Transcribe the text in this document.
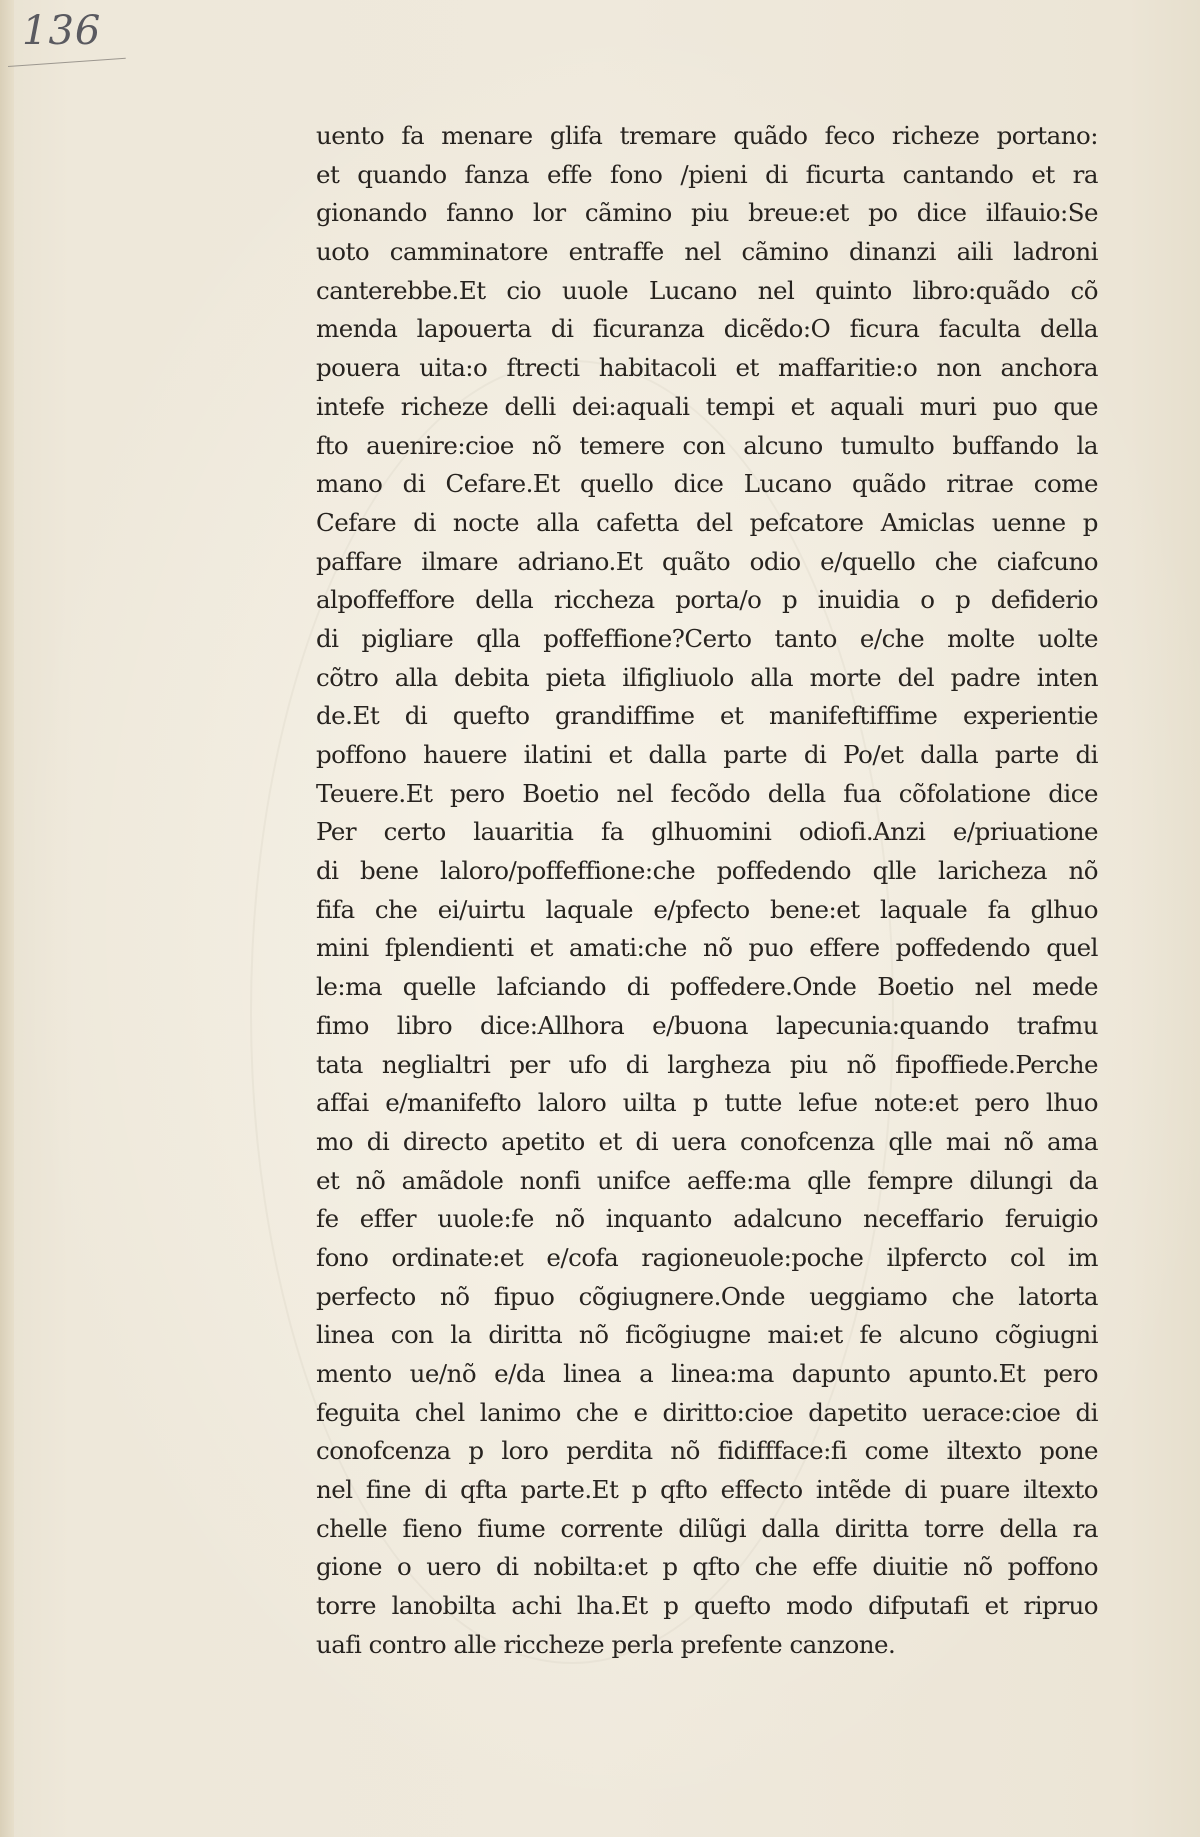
136
uento fa menare glifa tremare quãdo feco richeze portano:
et quando fanza effe fono ∕pieni di ficurta cantando et ra
gionando fanno lor cãmino piu breue:et po dice ilfauio:Se
uoto camminatore entraffe nel cãmino dinanzi aili ladroni
canterebbe.Et cio uuole Lucano nel quinto libro:quãdo cõ
menda lapouerta di ficuranza dicẽdo:O ficura faculta della
pouera uita:o ftrecti habitacoli et maffaritie:o non anchora
intefe richeze delli dei:aquali tempi et aquali muri puo que
fto auenire:cioe nõ temere con alcuno tumulto buffando la
mano di Cefare.Et quello dice Lucano quãdo ritrae come
Cefare di nocte alla cafetta del pefcatore Amiclas uenne p
paffare ilmare adriano.Et quãto odio e∕quello che ciafcuno
alpoffeffore della riccheza porta∕o p inuidia o p defiderio
di pigliare qlla poffeffione?Certo tanto e∕che molte uolte
cõtro alla debita pieta ilfigliuolo alla morte del padre inten
de.Et di quefto grandiffime et manifeftiffime experientie
poffono hauere ilatini et dalla parte di Po∕et dalla parte di
Teuere.Et pero Boetio nel fecõdo della fua cõfolatione dice
Per certo lauaritia fa glhuomini odiofi.Anzi e∕priuatione
di bene laloro∕poffeffione:che poffedendo qlle laricheza nõ
fifa che ei∕uirtu laquale e∕pfecto bene:et laquale fa glhuo
mini fplendienti et amati:che nõ puo effere poffedendo quel
le:ma quelle lafciando di poffedere.Onde Boetio nel mede
fimo libro dice:Allhora e∕buona lapecunia:quando trafmu
tata neglialtri per ufo di largheza piu nõ fipoffiede.Perche
affai e∕manifefto laloro uilta p tutte lefue note:et pero lhuo
mo di directo apetito et di uera conofcenza qlle mai nõ ama
et nõ amãdole nonfi unifce aeffe:ma qlle fempre dilungi da
fe effer uuole:fe nõ inquanto adalcuno neceffario feruigio
fono ordinate:et e∕cofa ragioneuole:poche ilpfercto col im
perfecto nõ fipuo cõgiugnere.Onde ueggiamo che latorta
linea con la diritta nõ ficõgiugne mai:et fe alcuno cõgiugni
mento ue∕nõ e∕da linea a linea:ma dapunto apunto.Et pero
feguita chel lanimo che e diritto:cioe dapetito uerace:cioe di
conofcenza p loro perdita nõ fidiffface:fi come iltexto pone
nel fine di qfta parte.Et p qfto effecto intẽde di puare iltexto
chelle fieno fiume corrente dilũgi dalla diritta torre della ra
gione o uero di nobilta:et p qfto che effe diuitie nõ poffono
torre lanobilta achi lha.Et p quefto modo difputafi et ripruo
uafi contro alle riccheze perla prefente canzone.
